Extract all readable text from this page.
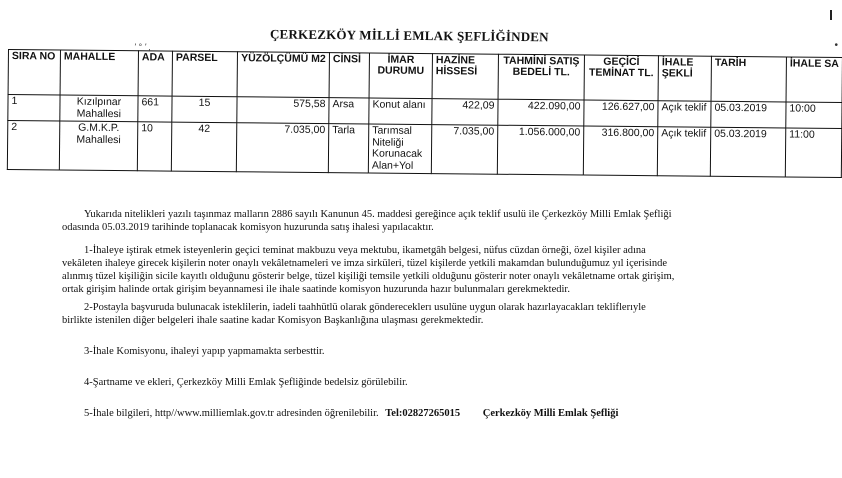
ÇERKEZKÖY MİLLİ EMLAK ŞEFLİĞİNDEN
' ° ' ,	•
SIRA NO	MAHALLE	ADA	PARSEL	YÜZÖLÇÜMÜ M2	CİNSİ	İMAR DURUMU	HAZİNE HİSSESİ	TAHMİNİ SATIŞ BEDELİ TL.	GEÇİCİ TEMİNAT TL.	İHALE ŞEKLİ	TARİH	İHALE SA
1	Kızılpınar Mahallesi	661	15	575,58	Arsa	Konut alanı	422,09	422.090,00	126.627,00	Açık teklif	05.03.2019	10:00
2	G.M.K.P. Mahallesi	10	42	7.035,00	Tarla	Tarımsal Niteliği Korunacak Alan+Yol	7.035,00	1.056.000,00	316.800,00	Açık teklif	05.03.2019	11:00
Yukarıda nitelikleri yazılı taşınmaz malların 2886 sayılı Kanunun 45. maddesi gereğince açık teklif usulü ile Çerkezköy Milli Emlak Şefliği
odasında 05.03.2019 tarihinde toplanacak komisyon huzurunda satış ihalesi yapılacaktır.
1-İhaleye iştirak etmek isteyenlerin geçici teminat makbuzu veya mektubu, ikametgâh belgesi, nüfus cüzdan örneği, özel kişiler adına
vekâleten ihaleye girecek kişilerin noter onaylı vekâletnameleri ve imza sirküleri, tüzel kişilerde yetkili makamdan bulunduğumuz yıl içerisinde
alınmış tüzel kişiliğin sicile kayıtlı olduğunu gösterir belge, tüzel kişiliği temsile yetkili olduğunu gösterir noter onaylı vekâletname ortak girişim,
ortak girişim halinde ortak girişim beyannamesi ile ihale saatinde komisyon huzurunda hazır bulunmaları gerekmektedir.
2-Postayla başvuruda bulunacak isteklilerin, iadeli taahhütlü olarak göndereceklerı usulüne uygun olarak hazırlayacakları tekliflerıyle
birlikte istenilen diğer belgeleri ihale saatine kadar Komisyon Başkanlığına ulaşması gerekmektedir.
3-İhale Komisyonu, ihaleyi yapıp yapmamakta serbesttir.
4-Şartname ve ekleri, Çerkezköy Milli Emlak Şefliğinde bedelsiz görülebilir.
5-İhale bilgileri, http//www.milliemlak.gov.tr adresinden öğrenilebilir. Tel:02827265015 Çerkezköy Milli Emlak Şefliği
